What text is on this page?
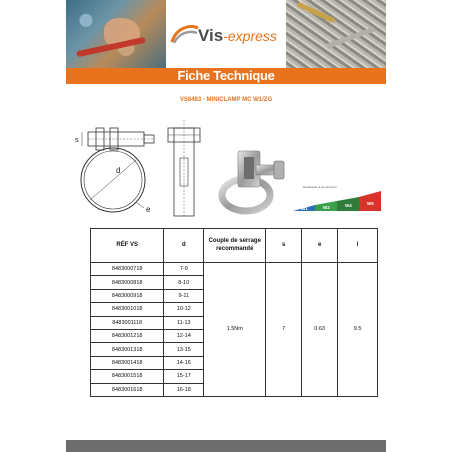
Vis-express
Fiche Technique
VS8483 - MINICLAMP MC W1/ZG
s
d
e
Résistance à la corrosion
W1	W2	W4	W5
RÉF VS	d	Couple de serrage recommandé	s	e	l
8483000718	7-9	1.5Nm	7	0.63	9.5
8483000818	8-10				
8483000918	9-11				
8483001018	10-12				
8483001118	11-13				
8483001218	12-14				
8483001318	13-15				
8483001418	14-16				
8483001518	15-17				
8483001618	16-18				
